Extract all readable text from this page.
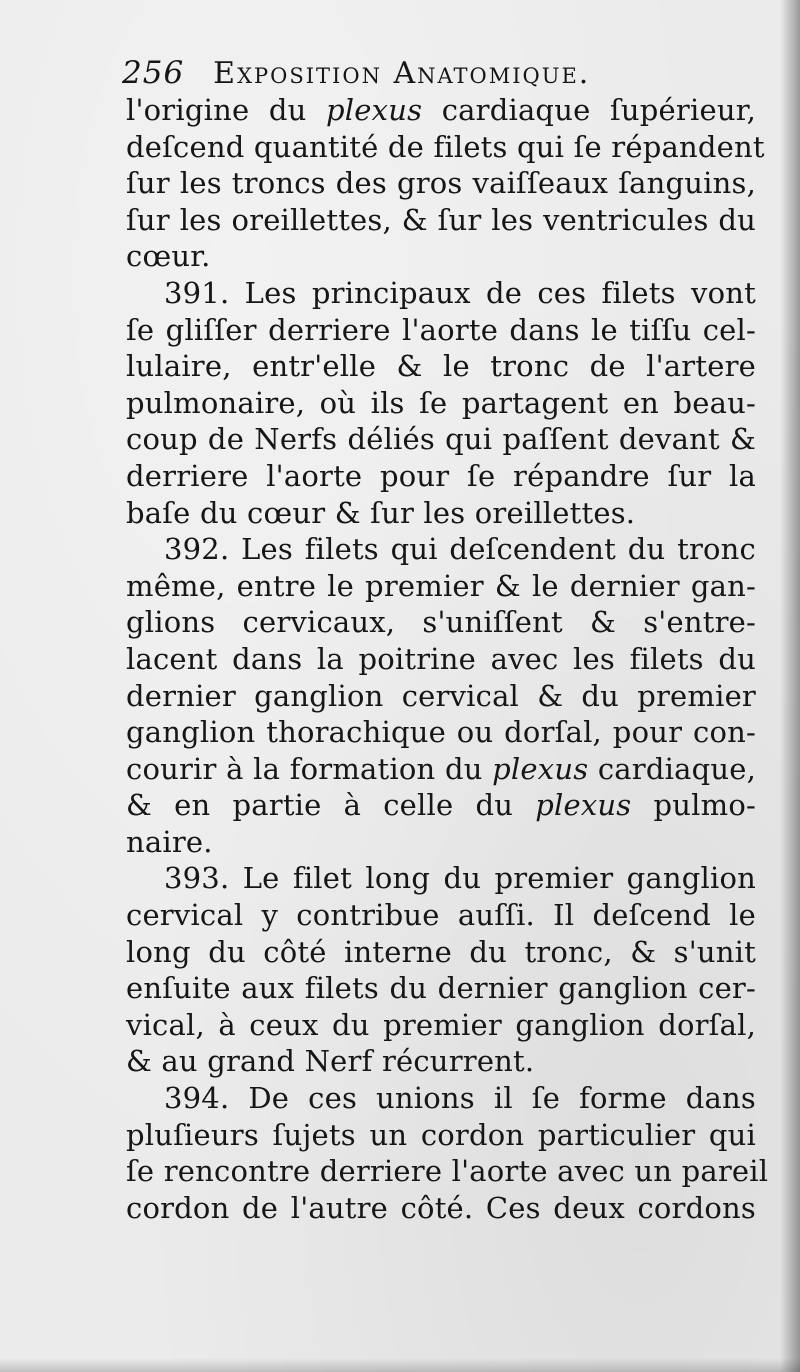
256 Exposition Anatomique.
l'origine du plexus cardiaque ſupérieur,
deſcend quantité de filets qui ſe répandent
ſur les troncs des gros vaiſſeaux ſanguins,
ſur les oreillettes, & ſur les ventricules du
cœur.
391. Les principaux de ces filets vont
ſe gliſſer derriere l'aorte dans le tiſſu cel-
lulaire, entr'elle & le tronc de l'artere
pulmonaire, où ils ſe partagent en beau-
coup de Nerfs déliés qui paſſent devant &
derriere l'aorte pour ſe répandre ſur la
baſe du cœur & ſur les oreillettes.
392. Les filets qui deſcendent du tronc
même, entre le premier & le dernier gan-
glions cervicaux, s'uniſſent & s'entre-
lacent dans la poitrine avec les filets du
dernier ganglion cervical & du premier
ganglion thorachique ou dorſal, pour con-
courir à la formation du plexus cardiaque,
& en partie à celle du plexus pulmo-
naire.
393. Le filet long du premier ganglion
cervical y contribue auſſi. Il deſcend le
long du côté interne du tronc, & s'unit
enſuite aux filets du dernier ganglion cer-
vical, à ceux du premier ganglion dorſal,
& au grand Nerf récurrent.
394. De ces unions il ſe forme dans
pluſieurs ſujets un cordon particulier qui
ſe rencontre derriere l'aorte avec un pareil
cordon de l'autre côté. Ces deux cordons
